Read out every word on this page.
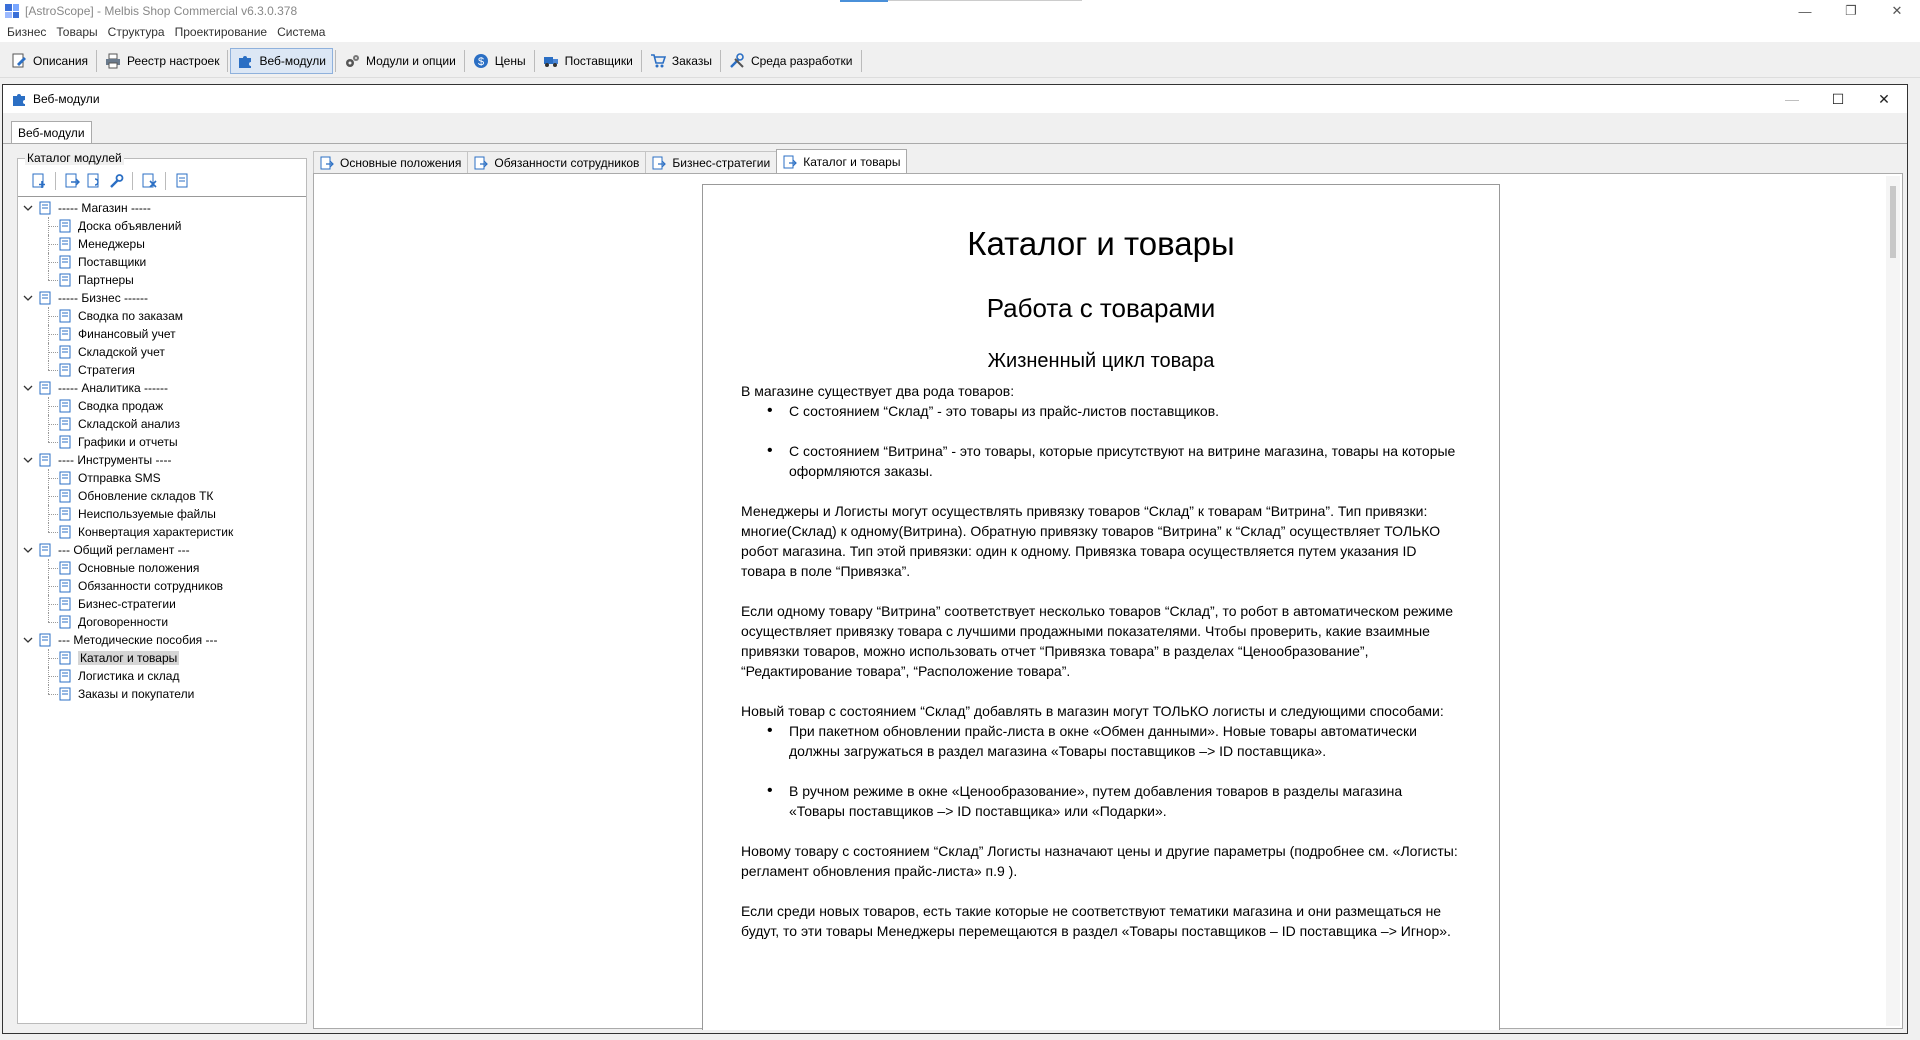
[AstroScope] - Melbis Shop Commercial v6.3.0.378	—	❐	✕
Бизнес Товары Структура Проектирование Система
Описания	Реестр настроек	Веб-модули	Модули и опции $ Цены	Поставщики	Заказы	Среда разработки
Веб-модули	—	☐	✕
Веб-модули
----- Магазин -----
Доска объявлений
Менеджеры
Поставщики
Партнеры
----- Бизнес ------
Сводка по заказам
Финансовый учет
Складской учет
Стратегия
----- Аналитика ------
Сводка продаж
Складской анализ
Графики и отчеты
---- Инструменты ----
Отправка SMS
Обновление складов ТК
Неиспользуемые файлы
Конвертация характеристик
--- Общий регламент ---
Основные положения
Обязанности сотрудников
Бизнес-стратегии
Договоренности
--- Методические пособия ---
Каталог и товары
Логистика и склад
Заказы и покупатели
Каталог модулей	Основные положения	Обязанности сотрудников	Бизнес-стратегии	Каталог и товары
Каталог и товары
Работа с товарами
Жизненный цикл товара

В магазине существует два рода товаров:

• С состоянием “Склад” - это товары из прайс-листов поставщиков.
• С состоянием “Витрина” - это товары, которые присутствуют на витрине магазина, товары на которые оформляются заказы.

Менеджеры и Логисты могут осуществлять привязку товаров “Склад” к товарам “Витрина”. Тип привязки: многие(Склад) к одному(Витрина). Обратную привязку товаров “Витрина” к “Склад” осуществляет ТОЛЬКО робот магазина. Тип этой привязки: один к одному. Привязка товара осуществляется путем указания ID товара в поле “Привязка”.

Если одному товару “Витрина” соответствует несколько товаров “Склад”, то робот в автоматическом режиме осуществляет привязку товара с лучшими продажными показателями. Чтобы проверить, какие взаимные привязки товаров, можно использовать отчет “Привязка товара” в разделах “Ценообразование”, “Редактирование товара”, “Расположение товара”.

Новый товар с состоянием “Склад” добавлять в магазин могут ТОЛЬКО логисты и следующими способами:

• При пакетном обновлении прайс-листа в окне «Обмен данными». Новые товары автоматически должны загружаться в раздел магазина «Товары поставщиков –> ID поставщика».
• В ручном режиме в окне «Ценообразование», путем добавления товаров в разделы магазина «Товары поставщиков –> ID поставщика» или «Подарки».

Новому товару с состоянием “Склад” Логисты назначают цены и другие параметры (подробнее см. «Логисты: регламент обновления прайс-листа» п.9 ).

Если среди новых товаров, есть такие которые не соответствуют тематики магазина и они размещаться не будут, то эти товары Менеджеры перемещаются в раздел «Товары поставщиков – ID поставщика –> Игнор».
